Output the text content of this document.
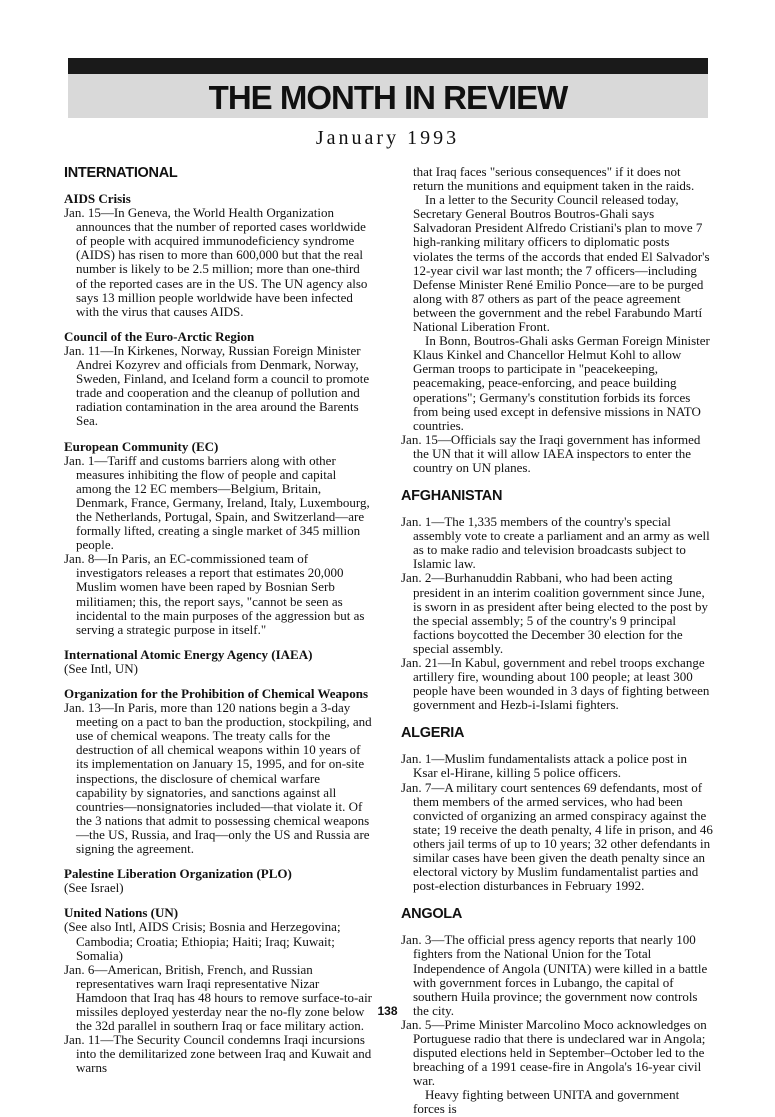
THE MONTH IN REVIEW
January 1993
INTERNATIONAL
AIDS Crisis
Jan. 15—In Geneva, the World Health Organization announces that the number of reported cases worldwide of people with acquired immunodeficiency syndrome (AIDS) has risen to more than 600,000 but that the real number is likely to be 2.5 million; more than one-third of the reported cases are in the US. The UN agency also says 13 million people worldwide have been infected with the virus that causes AIDS.
Council of the Euro-Arctic Region
Jan. 11—In Kirkenes, Norway, Russian Foreign Minister Andrei Kozyrev and officials from Denmark, Norway, Sweden, Finland, and Iceland form a council to promote trade and cooperation and the cleanup of pollution and radiation contamination in the area around the Barents Sea.
European Community (EC)
Jan. 1—Tariff and customs barriers along with other measures inhibiting the flow of people and capital among the 12 EC members—Belgium, Britain, Denmark, France, Germany, Ireland, Italy, Luxembourg, the Netherlands, Portugal, Spain, and Switzerland—are formally lifted, creating a single market of 345 million people.
Jan. 8—In Paris, an EC-commissioned team of investigators releases a report that estimates 20,000 Muslim women have been raped by Bosnian Serb militiamen; this, the report says, "cannot be seen as incidental to the main purposes of the aggression but as serving a strategic purpose in itself."
International Atomic Energy Agency (IAEA)
(See Intl, UN)
Organization for the Prohibition of Chemical Weapons
Jan. 13—In Paris, more than 120 nations begin a 3-day meeting on a pact to ban the production, stockpiling, and use of chemical weapons. The treaty calls for the destruction of all chemical weapons within 10 years of its implementation on January 15, 1995, and for on-site inspections, the disclosure of chemical warfare capability by signatories, and sanctions against all countries—nonsignatories included—that violate it. Of the 3 nations that admit to possessing chemical weapons—the US, Russia, and Iraq—only the US and Russia are signing the agreement.
Palestine Liberation Organization (PLO)
(See Israel)
United Nations (UN)
(See also Intl, AIDS Crisis; Bosnia and Herzegovina; Cambodia; Croatia; Ethiopia; Haiti; Iraq; Kuwait; Somalia)
Jan. 6—American, British, French, and Russian representatives warn Iraqi representative Nizar Hamdoon that Iraq has 48 hours to remove surface-to-air missiles deployed yesterday near the no-fly zone below the 32d parallel in southern Iraq or face military action.
Jan. 11—The Security Council condemns Iraqi incursions into the demilitarized zone between Iraq and Kuwait and warns
that Iraq faces "serious consequences" if it does not return the munitions and equipment taken in the raids.
In a letter to the Security Council released today, Secretary General Boutros Boutros-Ghali says Salvadoran President Alfredo Cristiani's plan to move 7 high-ranking military officers to diplomatic posts violates the terms of the accords that ended El Salvador's 12-year civil war last month; the 7 officers—including Defense Minister René Emilio Ponce—are to be purged along with 87 others as part of the peace agreement between the government and the rebel Farabundo Martí National Liberation Front.
In Bonn, Boutros-Ghali asks German Foreign Minister Klaus Kinkel and Chancellor Helmut Kohl to allow German troops to participate in "peacekeeping, peacemaking, peace-enforcing, and peace building operations"; Germany's constitution forbids its forces from being used except in defensive missions in NATO countries.
Jan. 15—Officials say the Iraqi government has informed the UN that it will allow IAEA inspectors to enter the country on UN planes.
AFGHANISTAN
Jan. 1—The 1,335 members of the country's special assembly vote to create a parliament and an army as well as to make radio and television broadcasts subject to Islamic law.
Jan. 2—Burhanuddin Rabbani, who had been acting president in an interim coalition government since June, is sworn in as president after being elected to the post by the special assembly; 5 of the country's 9 principal factions boycotted the December 30 election for the special assembly.
Jan. 21—In Kabul, government and rebel troops exchange artillery fire, wounding about 100 people; at least 300 people have been wounded in 3 days of fighting between government and Hezb-i-Islami fighters.
ALGERIA
Jan. 1—Muslim fundamentalists attack a police post in Ksar el-Hirane, killing 5 police officers.
Jan. 7—A military court sentences 69 defendants, most of them members of the armed services, who had been convicted of organizing an armed conspiracy against the state; 19 receive the death penalty, 4 life in prison, and 46 others jail terms of up to 10 years; 32 other defendants in similar cases have been given the death penalty since an electoral victory by Muslim fundamentalist parties and post-election disturbances in February 1992.
ANGOLA
Jan. 3—The official press agency reports that nearly 100 fighters from the National Union for the Total Independence of Angola (UNITA) were killed in a battle with government forces in Lubango, the capital of southern Huila province; the government now controls the city.
Jan. 5—Prime Minister Marcolino Moco acknowledges on Portuguese radio that there is undeclared war in Angola; disputed elections held in September–October led to the breaching of a 1991 cease-fire in Angola's 16-year civil war.
Heavy fighting between UNITA and government forces is
138
